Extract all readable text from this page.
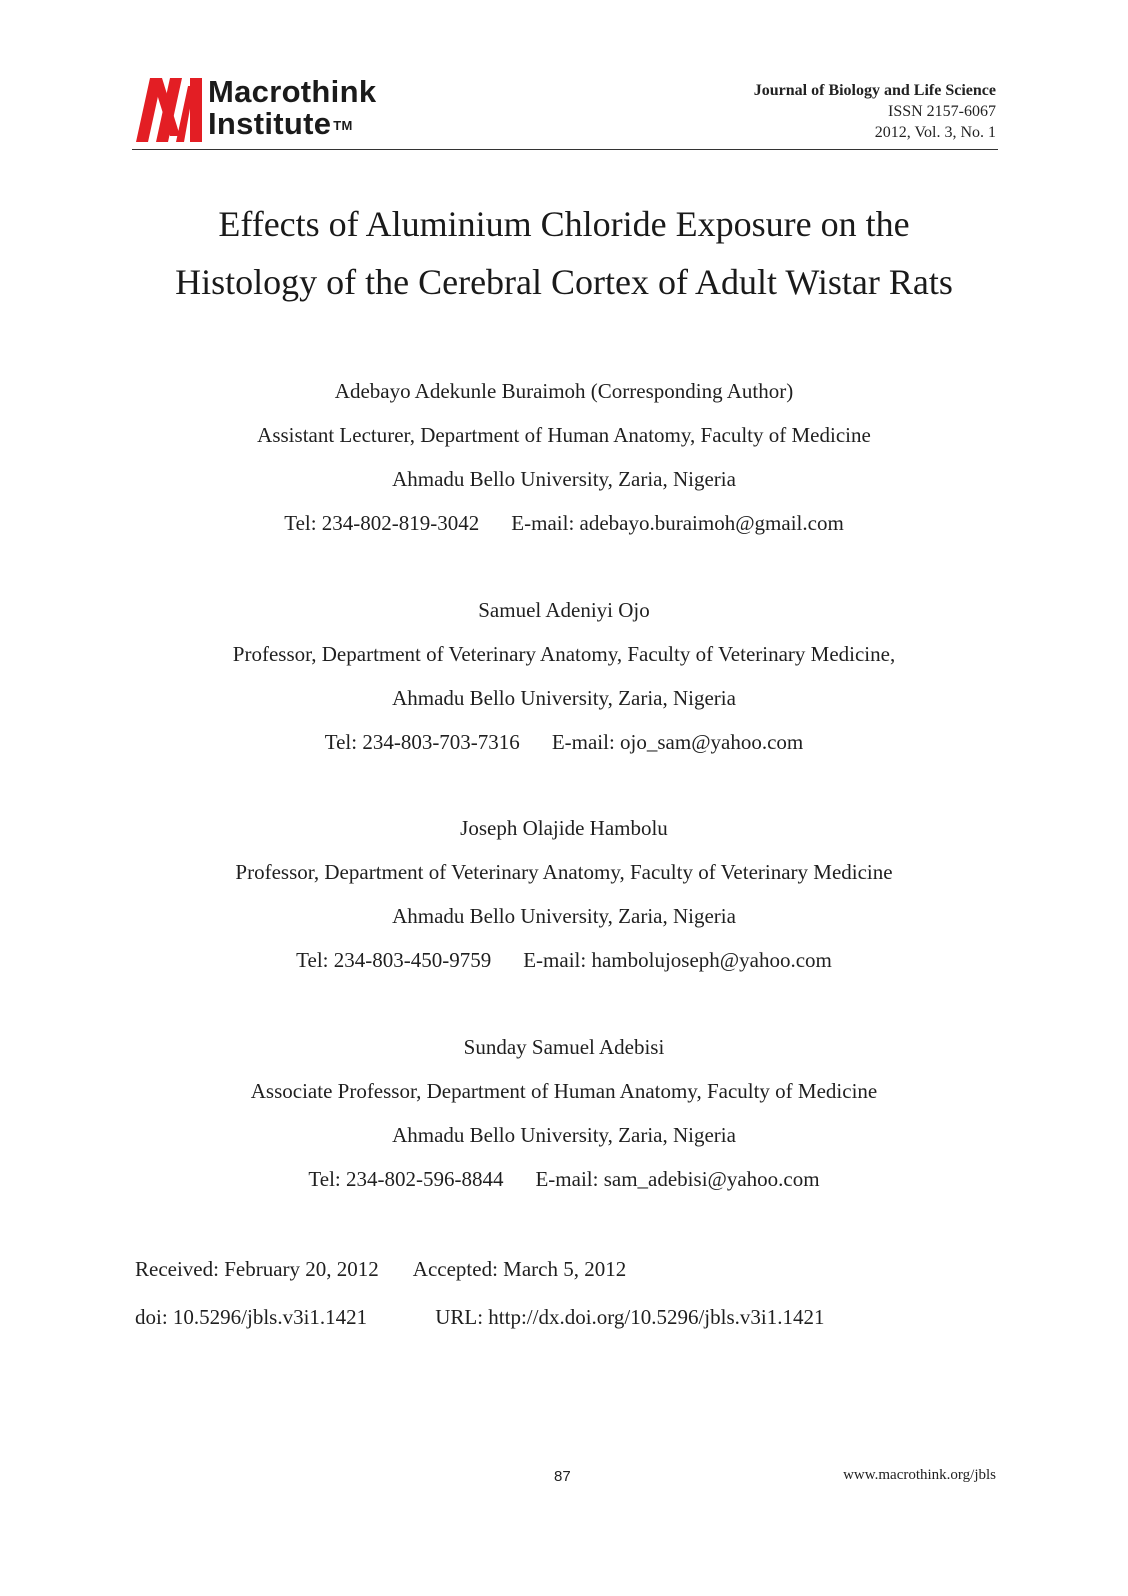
Macrothink
Institute ™
Journal of Biology and Life Science
ISSN 2157-6067
2012, Vol. 3, No. 1
Effects of Aluminium Chloride Exposure on the
Histology of the Cerebral Cortex of Adult Wistar Rats
Adebayo Adekunle Buraimoh (Corresponding Author)
Assistant Lecturer, Department of Human Anatomy, Faculty of Medicine
Ahmadu Bello University, Zaria, Nigeria
Tel: 234-802-819-3042 E-mail: adebayo.buraimoh@gmail.com
Samuel Adeniyi Ojo
Professor, Department of Veterinary Anatomy, Faculty of Veterinary Medicine,
Ahmadu Bello University, Zaria, Nigeria
Tel: 234-803-703-7316 E-mail: ojo_sam@yahoo.com
Joseph Olajide Hambolu
Professor, Department of Veterinary Anatomy, Faculty of Veterinary Medicine
Ahmadu Bello University, Zaria, Nigeria
Tel: 234-803-450-9759 E-mail: hambolujoseph@yahoo.com
Sunday Samuel Adebisi
Associate Professor, Department of Human Anatomy, Faculty of Medicine
Ahmadu Bello University, Zaria, Nigeria
Tel: 234-802-596-8844 E-mail: sam_adebisi@yahoo.com
Received: February 20, 2012 Accepted: March 5, 2012
doi: 10.5296/jbls.v3i1.1421	URL: http://dx.doi.org/10.5296/jbls.v3i1.1421
87	www.macrothink.org/jbls
